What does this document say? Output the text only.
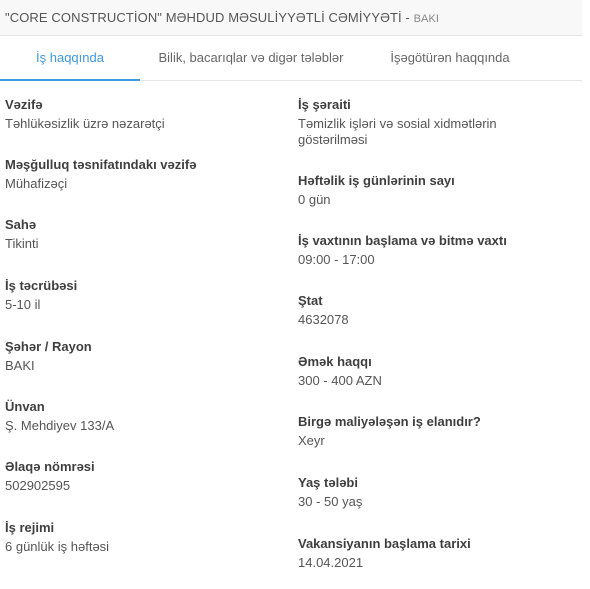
"CORE CONSTRUCTİON" MƏHDUD MƏSULİYYƏTLİ CƏMİYYƏTİ - BAKI
İş haqqında	Bilik, bacarıqlar və digər tələblər	İşəgötürən haqqında
Vəzifə
Təhlükəsizlik üzrə nəzarətçi
Məşğulluq təsnifatındakı vəzifə
Mühafizəçi
Sahə
Tikinti
İş təcrübəsi
5-10 il
Şəhər / Rayon
BAKI
Ünvan
Ş. Mehdiyev 133/A
Əlaqə nömrəsi
502902595
İş rejimi
6 günlük iş həftəsi
İş şəraiti
Təmizlik işləri və sosial xidmətlərin göstərilməsi
Həftəlik iş günlərinin sayı
0 gün
İş vaxtının başlama və bitmə vaxtı
09:00 - 17:00
Ştat
4632078
Əmək haqqı
300 - 400 AZN
Birgə maliyələşən iş elanıdır?
Xeyr
Yaş tələbi
30 - 50 yaş
Vakansiyanın başlama tarixi
14.04.2021
